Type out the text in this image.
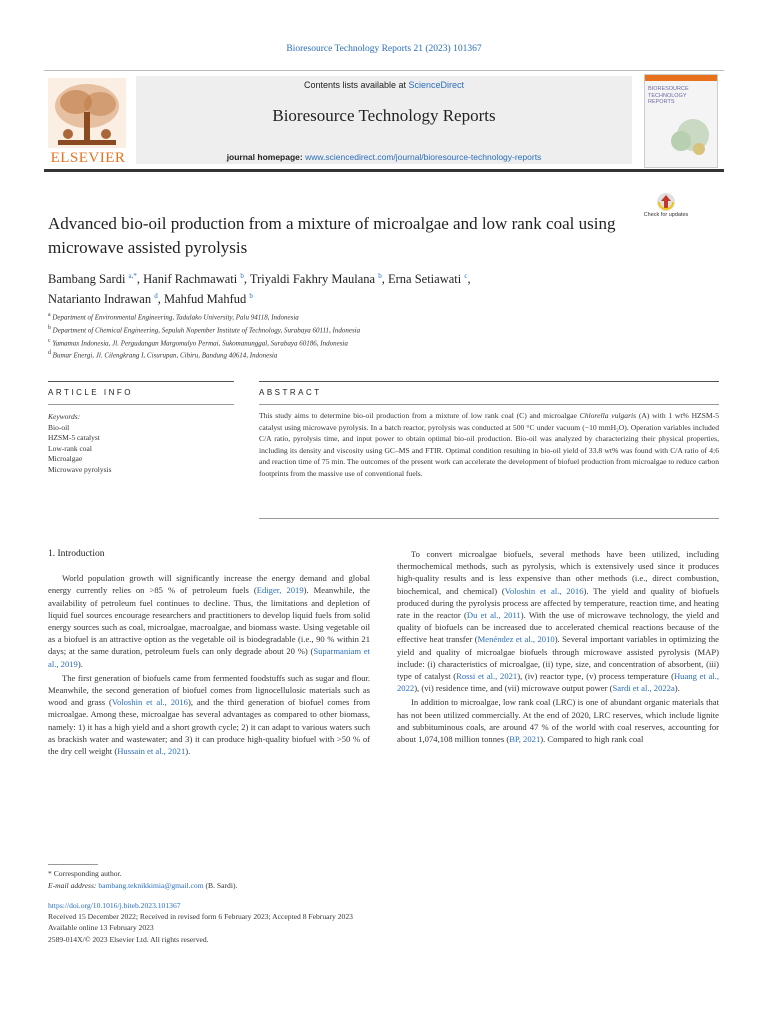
Bioresource Technology Reports 21 (2023) 101367
ELSEVIER
Contents lists available at ScienceDirect
Bioresource Technology Reports
journal homepage: www.sciencedirect.com/journal/bioresource-technology-reports
BIORESOURCE TECHNOLOGY REPORTS
Advanced bio-oil production from a mixture of microalgae and low rank coal using microwave assisted pyrolysis
Check for updates
Bambang Sardi $^{a,*}$, Hanif Rachmawati $^b$, Triyaldi Fakhry Maulana $^b$, Erna Setiawati $^c$,
Natarianto Indrawan $^d$, Mahfud Mahfud $^b$
$^a$ Department of Environmental Engineering, Tadulako University, Palu 94118, Indonesia
$^b$ Department of Chemical Engineering, Sepuluh Nopember Institute of Technology, Surabaya 60111, Indonesia
$^c$ Yamamax Indonesia, Jl. Pergudangan Margomulyo Permai, Sukomanunggal, Surabaya 60186, Indonesia
$^d$ Bumar Energi, Jl. Cilengkrang I, Cisurupan, Cibiru, Bandung 40614, Indonesia
ARTICLE INFO	ABSTRACT
Keywords:
Bio-oil
HZSM-5 catalyst
Low-rank coal
Microalgae
Microwave pyrolysis
This study aims to determine bio-oil production from a mixture of low rank coal (C) and microalgae Chlorella vulgaris (A) with 1 wt% HZSM-5 catalyst using microwave pyrolysis. In a batch reactor, pyrolysis was conducted at 500 °C under vacuum (−10 mmH₂O). Operation variables included C/A ratio, pyrolysis time, and input power to obtain optimal bio-oil production. Bio-oil was analyzed by characterizing their physical properties, including its density and viscosity using GC–MS and FTIR. Optimal condition resulting in bio-oil yield of 33.8 wt% was found with C/A ratio of 4:6 and reaction time of 75 min. The outcomes of the present work can accelerate the development of biofuel production from microalgae to reduce carbon footprints from the massive use of conventional fuels.
1. Introduction

World population growth will significantly increase the energy demand and global energy currently relies on >85 % of petroleum fuels (Ediger, 2019). Meanwhile, the availability of petroleum fuel continues to decline. Thus, the limitations and depletion of liquid fuel sources encourage researchers and practitioners to develop liquid fuels from solid energy sources such as coal, microalgae, macroalgae, and biomass waste. Using vegetable oil as a biofuel is an attractive option as the vegetable oil is biodegradable (i.e., 90 % within 21 days; at the same duration, petroleum fuels can only degrade about 20 %) (Suparmaniam et al., 2019).

The first generation of biofuels came from fermented foodstuffs such as sugar and flour. Meanwhile, the second generation of biofuel comes from lignocellulosic materials such as wood and grass (Voloshin et al., 2016), and the third generation of biofuel comes from microalgae. Among these, microalgae has several advantages as compared to other biomass, namely: 1) it has a high yield and a short growth cycle; 2) it can adapt to various waters such as brackish water and wastewater; and 3) it can produce high-quality biofuel with >50 % of the dry cell weight (Hussain et al., 2021).

To convert microalgae biofuels, several methods have been utilized, including thermochemical methods, such as pyrolysis, which is extensively used since it produces high-quality results and is less expensive than other methods (i.e., direct combustion, biochemical, and chemical) (Voloshin et al., 2016). The yield and quality of biofuels produced during the pyrolysis process are affected by temperature, reaction time, and heating rate in the reactor (Du et al., 2011). With the use of microwave technology, the yield and quality of biofuels can be increased due to accelerated chemical reactions because of the effective heat transfer (Menéndez et al., 2010). Several important variables in optimizing the yield and quality of microalgae biofuels through microwave assisted pyrolysis (MAP) include: (i) characteristics of microalgae, (ii) type, size, and concentration of absorbent, (iii) type of catalyst (Rossi et al., 2021), (iv) reactor type, (v) process temperature (Huang et al., 2022), (vi) residence time, and (vii) microwave output power (Sardi et al., 2022a).

In addition to microalgae, low rank coal (LRC) is one of abundant organic materials that has not been utilized commercially. At the end of 2020, LRC reserves, which include lignite and subbituminous coals, are around 47 % of the world with coal reserves, accounting for about 1,074,108 million tonnes (BP, 2021). Compared to high rank coal

* Corresponding author.
E-mail address: bambang.teknikkimia@gmail.com (B. Sardi).
https://doi.org/10.1016/j.biteb.2023.101367
Received 15 December 2022; Received in revised form 6 February 2023; Accepted 8 February 2023
Available online 13 February 2023
2589-014X/© 2023 Elsevier Ltd. All rights reserved.
